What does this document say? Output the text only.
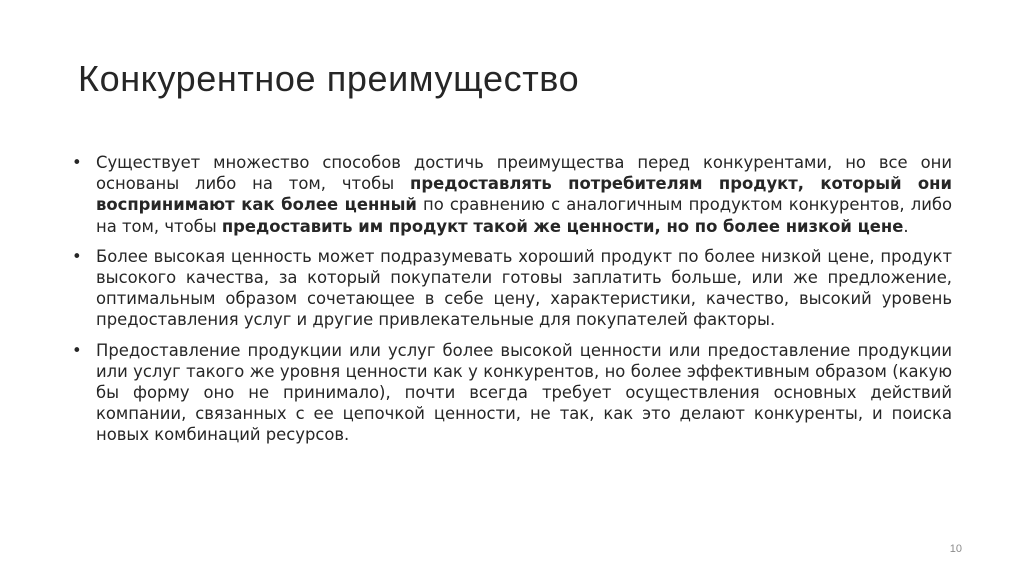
Конкурентное преимущество
• Существует множество способов достичь преимущества перед конкурентами, но все они основаны либо на том, чтобы предоставлять потребителям продукт, который они воспринимают как более ценный по сравнению с аналогичным продуктом конкурентов, либо на том, чтобы предоставить им продукт такой же ценности, но по более низкой цене.
• Более высокая ценность может подразумевать хороший продукт по более низкой цене, продукт высокого качества, за который покупатели готовы заплатить больше, или же предложение, оптимальным образом сочетающее в себе цену, характеристики, качество, высокий уровень предоставления услуг и другие привлекательные для покупателей факторы.
• Предоставление продукции или услуг более высокой ценности или предоставление продукции или услуг такого же уровня ценности как у конкурентов, но более эффективным образом (какую бы форму оно не принимало), почти всегда требует осуществления основных действий компании, связанных с ее цепочкой ценности, не так, как это делают конкуренты, и поиска новых комбинаций ресурсов.
10
